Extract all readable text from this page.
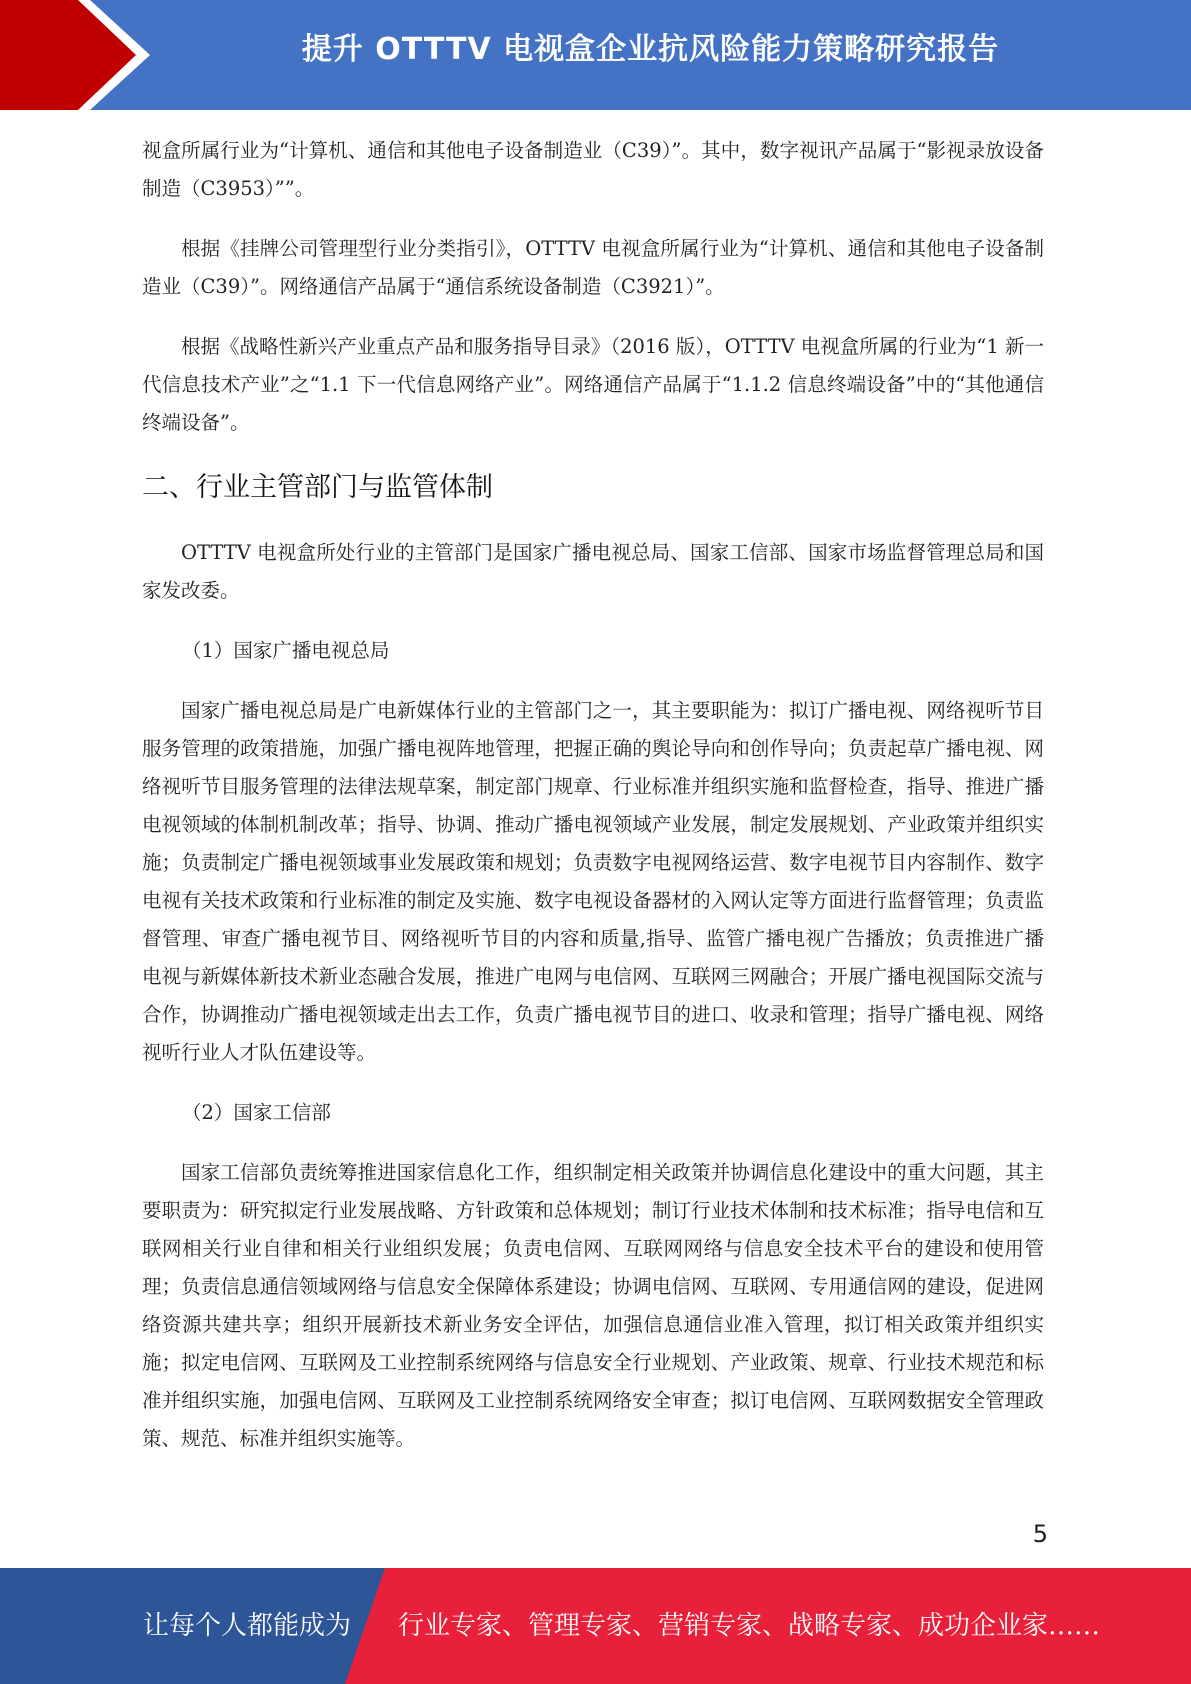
提升 OTTTV 电视盒企业抗风险能力策略研究报告

视盒所属行业为“计算机、通信和其他电子设备制造业（C39）”。其中，数字视讯产品属于“影视录放设备制造（C3953）””。

根据《挂牌公司管理型行业分类指引》，OTTTV 电视盒所属行业为“计算机、通信和其他电子设备制造业（C39）”。网络通信产品属于“通信系统设备制造（C3921）”。

根据《战略性新兴产业重点产品和服务指导目录》（2016 版），OTTTV 电视盒所属的行业为“1 新一代信息技术产业”之“1.1 下一代信息网络产业”。网络通信产品属于“1.1.2 信息终端设备”中的“其他通信终端设备”。

二、行业主管部门与监管体制

OTTTV 电视盒所处行业的主管部门是国家广播电视总局、国家工信部、国家市场监督管理总局和国家发改委。

（1）国家广播电视总局

国家广播电视总局是广电新媒体行业的主管部门之一，其主要职能为：拟订广播电视、网络视听节目服务管理的政策措施，加强广播电视阵地管理，把握正确的舆论导向和创作导向；负责起草广播电视、网络视听节目服务管理的法律法规草案，制定部门规章、行业标准并组织实施和监督检查，指导、推进广播电视领域的体制机制改革；指导、协调、推动广播电视领域产业发展，制定发展规划、产业政策并组织实施；负责制定广播电视领域事业发展政策和规划；负责数字电视网络运营、数字电视节目内容制作、数字电视有关技术政策和行业标准的制定及实施、数字电视设备器材的入网认定等方面进行监督管理；负责监督管理、审查广播电视节目、网络视听节目的内容和质量,指导、监管广播电视广告播放；负责推进广播电视与新媒体新技术新业态融合发展，推进广电网与电信网、互联网三网融合；开展广播电视国际交流与合作，协调推动广播电视领域走出去工作，负责广播电视节目的进口、收录和管理；指导广播电视、网络视听行业人才队伍建设等。

（2）国家工信部

国家工信部负责统筹推进国家信息化工作，组织制定相关政策并协调信息化建设中的重大问题，其主要职责为：研究拟定行业发展战略、方针政策和总体规划；制订行业技术体制和技术标准；指导电信和互联网相关行业自律和相关行业组织发展；负责电信网、互联网网络与信息安全技术平台的建设和使用管理；负责信息通信领域网络与信息安全保障体系建设；协调电信网、互联网、专用通信网的建设，促进网络资源共建共享；组织开展新技术新业务安全评估，加强信息通信业准入管理，拟订相关政策并组织实施；拟定电信网、互联网及工业控制系统网络与信息安全行业规划、产业政策、规章、行业技术规范和标准并组织实施，加强电信网、互联网及工业控制系统网络安全审查；拟订电信网、互联网数据安全管理政策、规范、标准并组织实施等。

5
让每个人都能成为 行业专家、管理专家、营销专家、战略专家、成功企业家……
